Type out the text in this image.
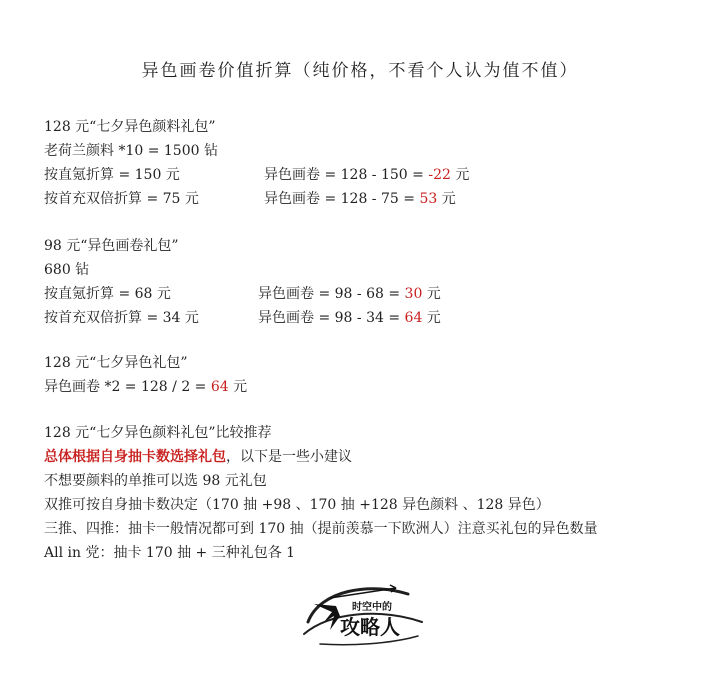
异色画卷价值折算（纯价格，不看个人认为值不值）
128 元“七夕异色颜料礼包”
老荷兰颜料 *10 = 1500 钻
按直氪折算 = 150 元	异色画卷 = 128 - 150 = -22 元
按首充双倍折算 = 75 元	异色画卷 = 128 - 75 = 53 元
98 元“异色画卷礼包”
680 钻
按直氪折算 = 68 元	异色画卷 = 98 - 68 = 30 元
按首充双倍折算 = 34 元	异色画卷 = 98 - 34 = 64 元
128 元“七夕异色礼包”
异色画卷 *2 = 128 / 2 = 64 元
128 元“七夕异色颜料礼包”比较推荐
总体根据自身抽卡数选择礼包，以下是一些小建议
不想要颜料的单推可以选 98 元礼包
双推可按自身抽卡数决定（170 抽 +98 、170 抽 +128 异色颜料 、128 异色）
三推、四推：抽卡一般情况都可到 170 抽（提前羡慕一下欧洲人）注意买礼包的异色数量
All in 党：抽卡 170 抽 + 三种礼包各 1
时空中的
攻略人
